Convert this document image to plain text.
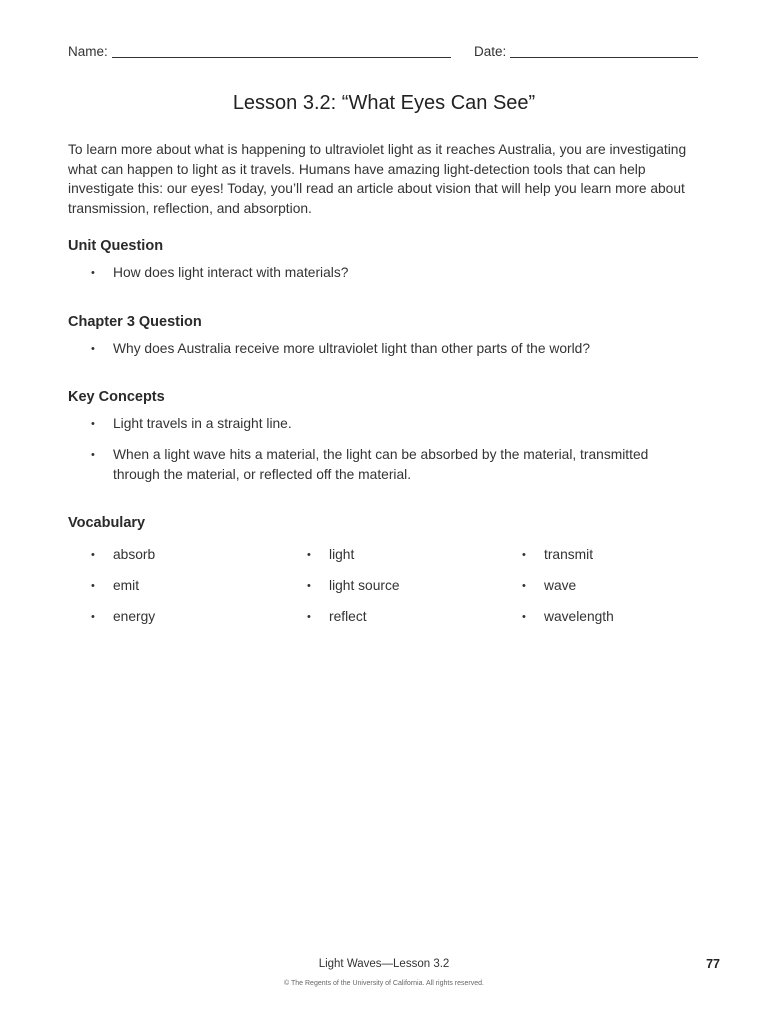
Name:	Date:
Lesson 3.2: “What Eyes Can See”
To learn more about what is happening to ultraviolet light as it reaches Australia, you are investigating what can happen to light as it travels. Humans have amazing light-detection tools that can help investigate this: our eyes! Today, you’ll read an article about vision that will help you learn more about transmission, reflection, and absorption.
Unit Question
•	How does light interact with materials?
Chapter 3 Question
•	Why does Australia receive more ultraviolet light than other parts of the world?
Key Concepts
•	Light travels in a straight line.
•	When a light wave hits a material, the light can be absorbed by the material, transmitted through the material, or reflected off the material.
Vocabulary
•	absorb
•	emit
•	energy
•	light
•	light source
•	reflect
•	transmit
•	wave
•	wavelength
Light Waves—Lesson 3.2	77
© The Regents of the University of California. All rights reserved.
